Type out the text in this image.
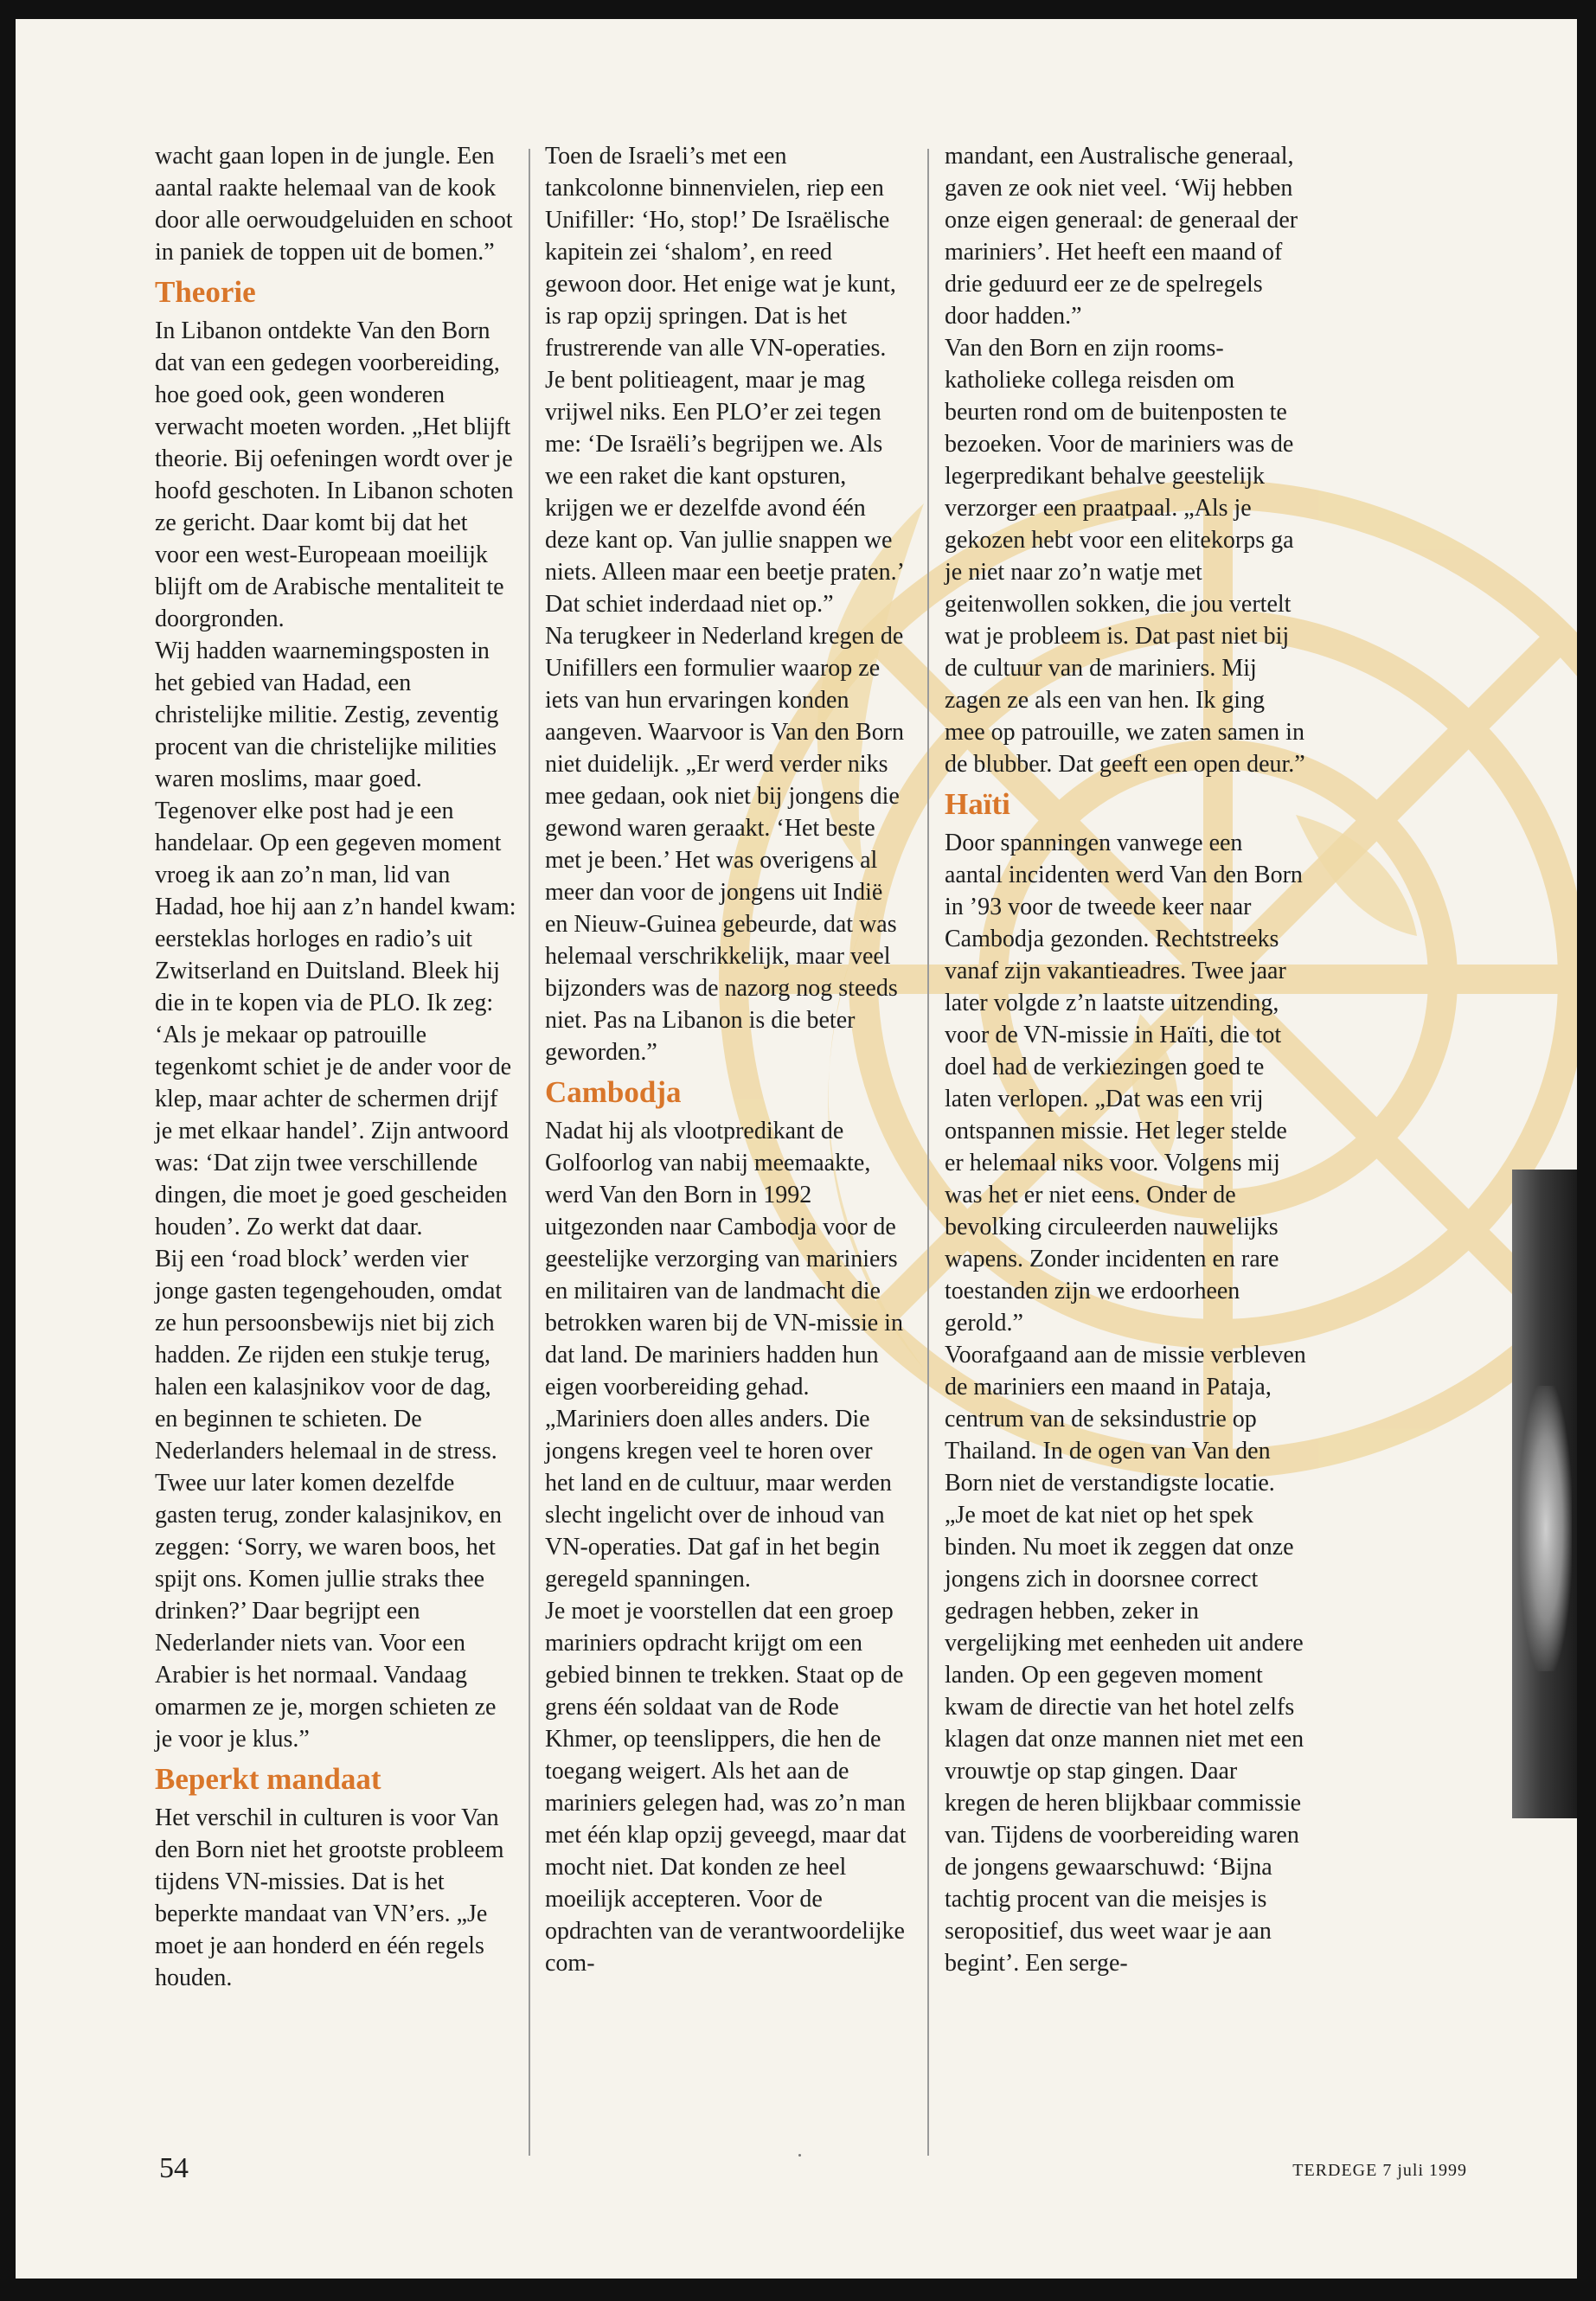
wacht gaan lopen in de jungle. Een aantal raakte helemaal van de kook door alle oerwoudgeluiden en schoot in paniek de toppen uit de bomen.”

Theorie

In Libanon ontdekte Van den Born dat van een gedegen voorbereiding, hoe goed ook, geen wonderen verwacht moeten worden. „Het blijft theorie. Bij oefeningen wordt over je hoofd geschoten. In Libanon schoten ze gericht. Daar komt bij dat het voor een west-Europeaan moeilijk blijft om de Arabische mentaliteit te doorgronden.

Wij hadden waarnemingsposten in het gebied van Hadad, een christelijke militie. Zestig, zeventig procent van die christelijke milities waren moslims, maar goed. Tegenover elke post had je een handelaar. Op een gegeven moment vroeg ik aan zo’n man, lid van Hadad, hoe hij aan z’n handel kwam: eersteklas horloges en radio’s uit Zwitserland en Duitsland. Bleek hij die in te kopen via de PLO. Ik zeg: ‘Als je mekaar op patrouille tegenkomt schiet je de ander voor de klep, maar achter de schermen drijf je met elkaar handel’. Zijn antwoord was: ‘Dat zijn twee verschillende dingen, die moet je goed gescheiden houden’. Zo werkt dat daar.

Bij een ‘road block’ werden vier jonge gasten tegengehouden, omdat ze hun persoonsbewijs niet bij zich hadden. Ze rijden een stukje terug, halen een kalasjnikov voor de dag, en beginnen te schieten. De Nederlanders helemaal in de stress. Twee uur later komen dezelfde gasten terug, zonder kalasjnikov, en zeggen: ‘Sorry, we waren boos, het spijt ons. Komen jullie straks thee drinken?’ Daar begrijpt een Nederlander niets van. Voor een Arabier is het normaal. Vandaag omarmen ze je, morgen schieten ze je voor je klus.”

Beperkt mandaat

Het verschil in culturen is voor Van den Born niet het grootste probleem tijdens VN-missies. Dat is het beperkte mandaat van VN’ers. „Je moet je aan honderd en één regels houden.

Toen de Israeli’s met een tankcolonne binnenvielen, riep een Unifiller: ‘Ho, stop!’ De Israëlische kapitein zei ‘shalom’, en reed gewoon door. Het enige wat je kunt, is rap opzij springen. Dat is het frustrerende van alle VN-operaties. Je bent politieagent, maar je mag vrijwel niks. Een PLO’er zei tegen me: ‘De Israëli’s begrijpen we. Als we een raket die kant opsturen, krijgen we er dezelfde avond één deze kant op. Van jullie snappen we niets. Alleen maar een beetje praten.’ Dat schiet inderdaad niet op.”

Na terugkeer in Nederland kregen de Unifillers een formulier waarop ze iets van hun ervaringen konden aangeven. Waarvoor is Van den Born niet duidelijk. „Er werd verder niks mee gedaan, ook niet bij jongens die gewond waren geraakt. ‘Het beste met je been.’ Het was overigens al meer dan voor de jongens uit Indië en Nieuw-Guinea gebeurde, dat was helemaal verschrikkelijk, maar veel bijzonders was de nazorg nog steeds niet. Pas na Libanon is die beter geworden.”

Cambodja

Nadat hij als vlootpredikant de Golfoorlog van nabij meemaakte, werd Van den Born in 1992 uitgezonden naar Cambodja voor de geestelijke verzorging van mariniers en militairen van de landmacht die betrokken waren bij de VN-missie in dat land. De mariniers hadden hun eigen voorbereiding gehad. „Mariniers doen alles anders. Die jongens kregen veel te horen over het land en de cultuur, maar werden slecht ingelicht over de inhoud van VN-operaties. Dat gaf in het begin geregeld spanningen.

Je moet je voorstellen dat een groep mariniers opdracht krijgt om een gebied binnen te trekken. Staat op de grens één soldaat van de Rode Khmer, op teenslippers, die hen de toegang weigert. Als het aan de mariniers gelegen had, was zo’n man met één klap opzij geveegd, maar dat mocht niet. Dat konden ze heel moeilijk accepteren. Voor de opdrachten van de verantwoordelijke com-

mandant, een Australische generaal, gaven ze ook niet veel. ‘Wij hebben onze eigen generaal: de generaal der mariniers’. Het heeft een maand of drie geduurd eer ze de spelregels door hadden.”

Van den Born en zijn rooms-katholieke collega reisden om beurten rond om de buitenposten te bezoeken. Voor de mariniers was de legerpredikant behalve geestelijk verzorger een praatpaal. „Als je gekozen hebt voor een elitekorps ga je niet naar zo’n watje met geitenwollen sokken, die jou vertelt wat je probleem is. Dat past niet bij de cultuur van de mariniers. Mij zagen ze als een van hen. Ik ging mee op patrouille, we zaten samen in de blubber. Dat geeft een open deur.”

Haïti

Door spanningen vanwege een aantal incidenten werd Van den Born in ’93 voor de tweede keer naar Cambodja gezonden. Rechtstreeks vanaf zijn vakantieadres. Twee jaar later volgde z’n laatste uitzending, voor de VN-missie in Haïti, die tot doel had de verkiezingen goed te laten verlopen. „Dat was een vrij ontspannen missie. Het leger stelde er helemaal niks voor. Volgens mij was het er niet eens. Onder de bevolking circuleerden nauwelijks wapens. Zonder incidenten en rare toestanden zijn we erdoorheen gerold.”

Voorafgaand aan de missie verbleven de mariniers een maand in Pataja, centrum van de seksindustrie op Thailand. In de ogen van Van den Born niet de verstandigste locatie. „Je moet de kat niet op het spek binden. Nu moet ik zeggen dat onze jongens zich in doorsnee correct gedragen hebben, zeker in vergelijking met eenheden uit andere landen. Op een gegeven moment kwam de directie van het hotel zelfs klagen dat onze mannen niet met een vrouwtje op stap gingen. Daar kregen de heren blijkbaar commissie van. Tijdens de voorbereiding waren de jongens gewaarschuwd: ‘Bijna tachtig procent van die meisjes is seropositief, dus weet waar je aan begint’. Een serge-

54	TERDEGE 7 juli 1999
